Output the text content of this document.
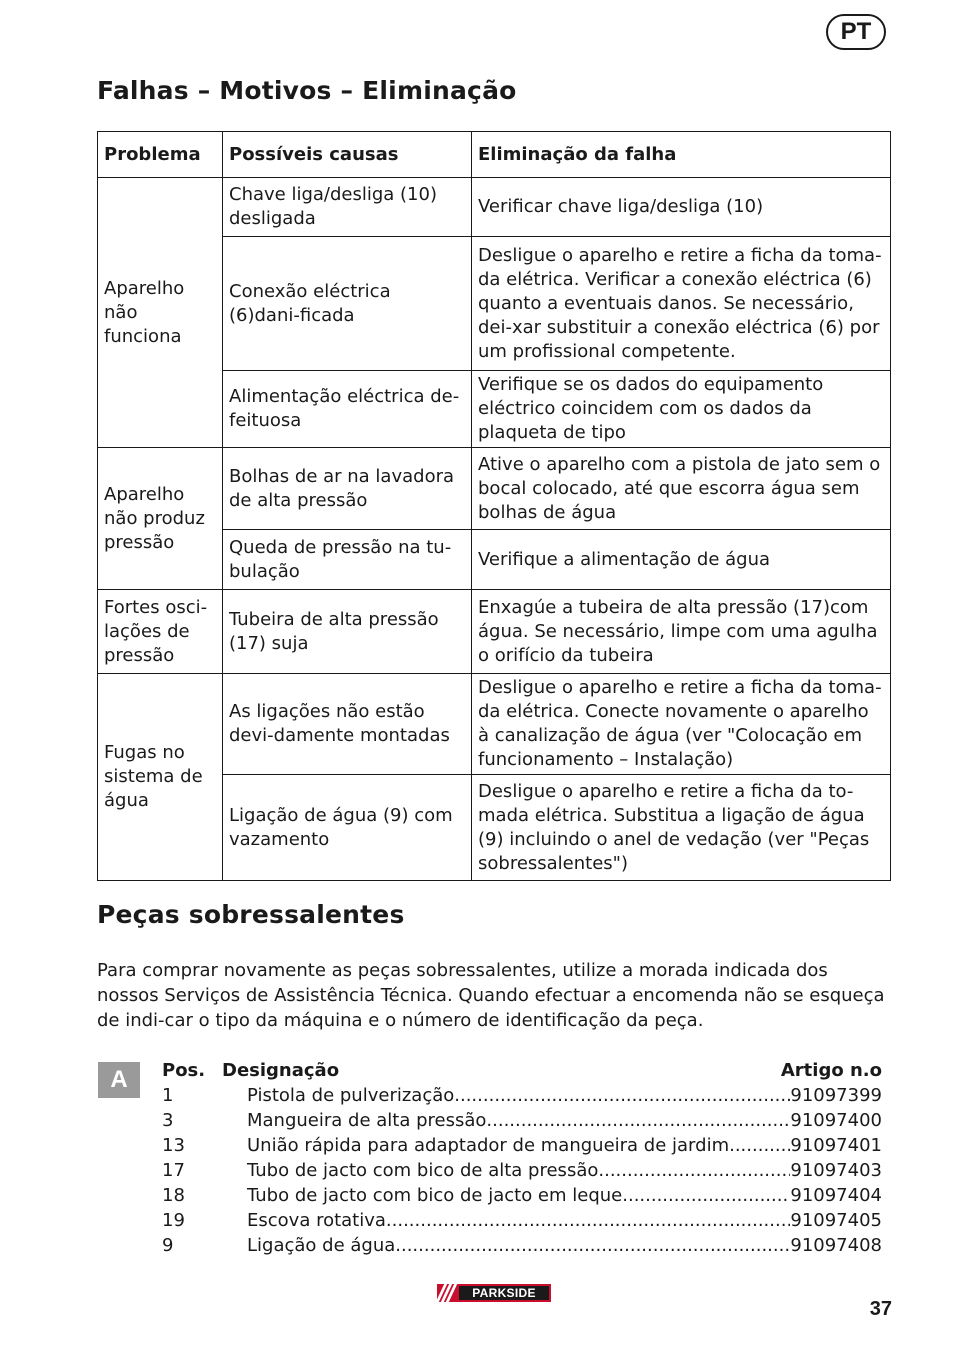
PT
Falhas – Motivos – Eliminação
Problema	Possíveis causas	Eliminação da falha
Aparelho não funciona	Chave liga/desliga (10) desligada	Verificar chave liga/desliga (10)
	Conexão eléctrica (6)dani-ficada	Desligue o aparelho e retire a ficha da toma-da elétrica. Verificar a conexão eléctrica (6) quanto a eventuais danos. Se necessário, dei-xar substituir a conexão eléctrica (6) por um profissional competente.
	Alimentação eléctrica de-feituosa	Verifique se os dados do equipamento eléctrico coincidem com os dados da plaqueta de tipo
Aparelho não produz pressão	Bolhas de ar na lavadora de alta pressão	Ative o aparelho com a pistola de jato sem o bocal colocado, até que escorra água sem bolhas de água
	Queda de pressão na tu-bulação	Verifique a alimentação de água
Fortes osci-lações de pressão	Tubeira de alta pressão (17) suja	Enxagúe a tubeira de alta pressão (17)com água. Se necessário, limpe com uma agulha o orifício da tubeira
Fugas no sistema de água	As ligações não estão devi-damente montadas	Desligue o aparelho e retire a ficha da toma-da elétrica. Conecte novamente o aparelho à canalização de água (ver "Colocação em funcionamento – Instalação)
	Ligação de água (9) com vazamento	Desligue o aparelho e retire a ficha da to-mada elétrica. Substitua a ligação de água (9) incluindo o anel de vedação (ver "Peças sobressalentes")
Peças sobressalentes

Para comprar novamente as peças sobressalentes, utilize a morada indicada dos nossos Serviços de Assistência Técnica. Quando efectuar a encomenda não se esqueça de indi-car o tipo da máquina e o número de identificação da peça.

A	Pos. Designação	Artigo n.o
1	Pistola de pulverização .....	91097399
3	Mangueira de alta pressão .....	91097400
13	União rápida para adaptador de mangueira de jardim .....	91097401
17	Tubo de jacto com bico de alta pressão .....	91097403
18	Tubo de jacto com bico de jacto em leque .....	91097404
19	Escova rotativa .....	91097405
9	Ligação de água .....	91097408
PARKSIDE
37
